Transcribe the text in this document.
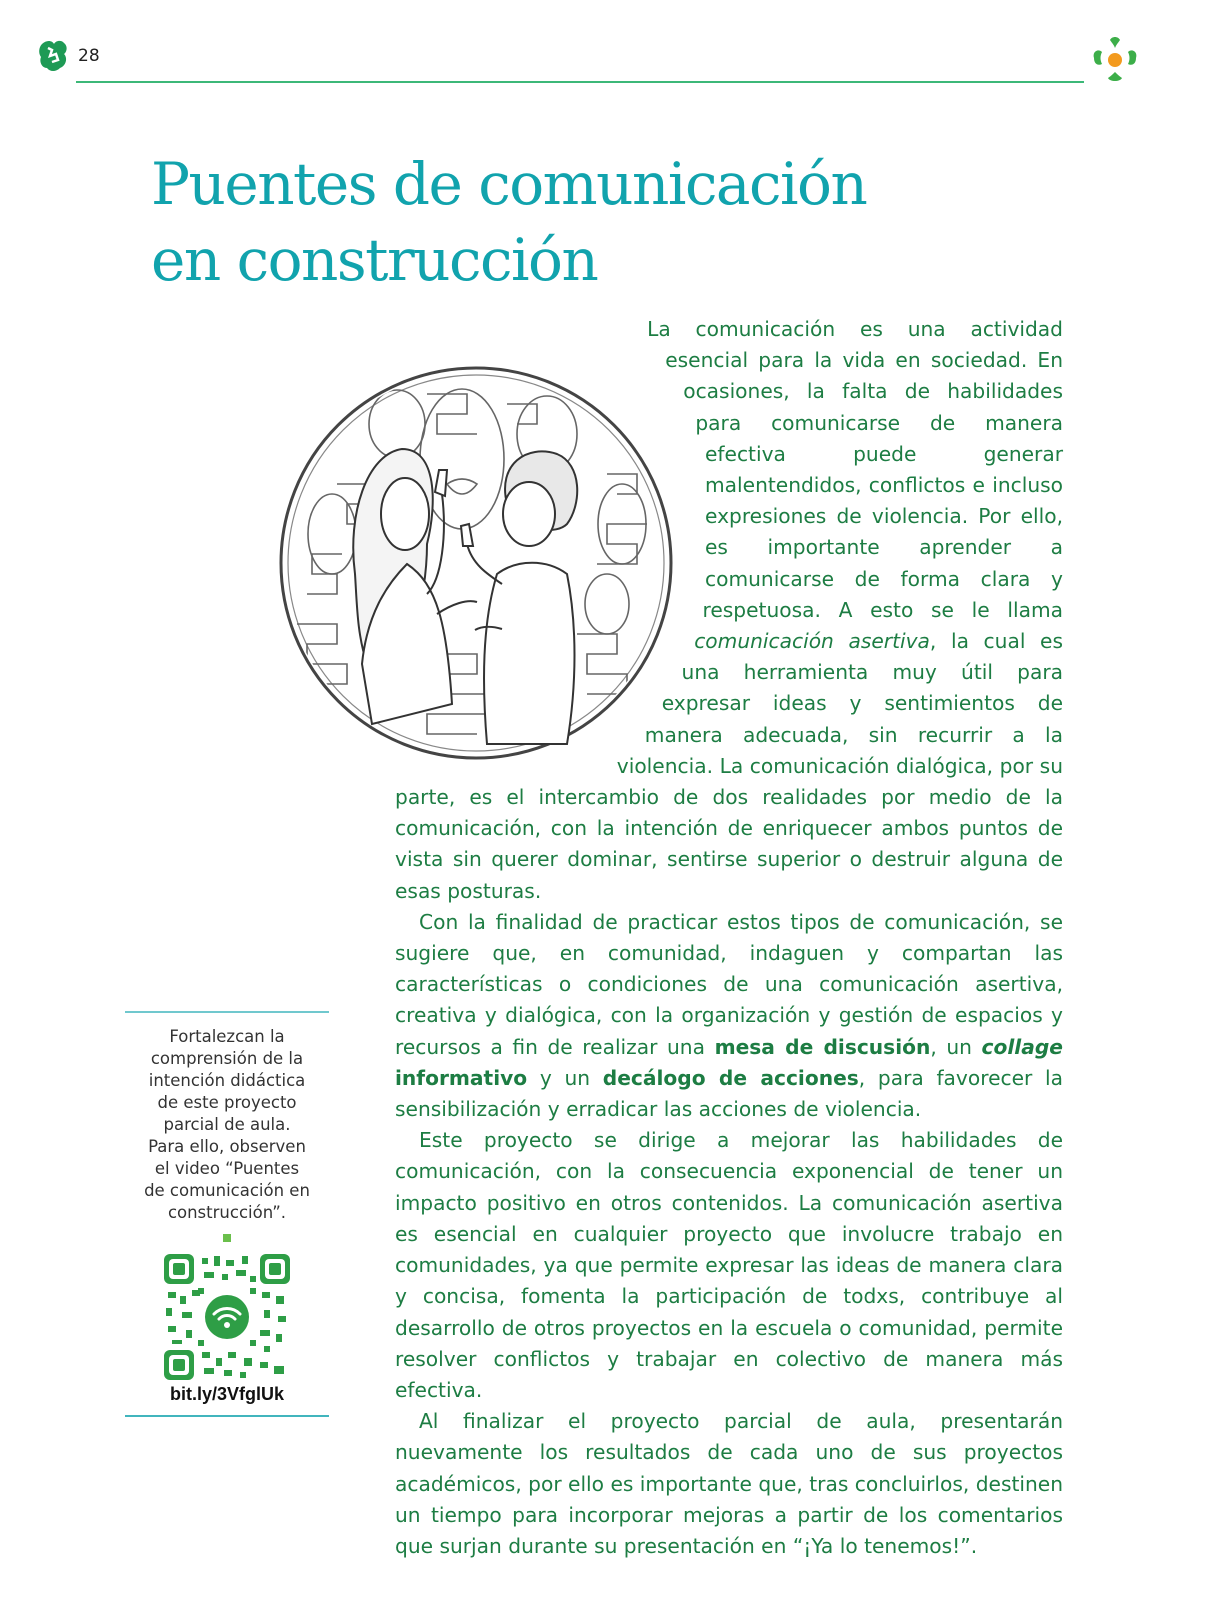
28
Puentes de comunicación
en construcción

La comunicación es una actividad esencial para la vida en sociedad. En ocasiones, la falta de habilidades para comunicarse de manera efectiva puede generar malentendidos, conflictos e incluso expresiones de violencia. Por ello, es importante aprender a comunicarse de forma clara y respetuosa. A esto se le llama comunicación asertiva, la cual es una herramienta muy útil para expresar ideas y sentimientos de manera adecuada, sin recurrir a la violencia. La comunicación dialógica, por su parte, es el intercambio de dos realidades por medio de la comunicación, con la intención de enriquecer ambos puntos de vista sin querer dominar, sentirse superior o destruir alguna de esas posturas.

Con la finalidad de practicar estos tipos de comunicación, se sugiere que, en comunidad, indaguen y compartan las características o condiciones de una comunicación asertiva, creativa y dialógica, con la organización y gestión de espacios y recursos a fin de realizar una mesa de discusión, un collage informativo y un decálogo de acciones, para favorecer la sensibilización y erradicar las acciones de violencia.

Este proyecto se dirige a mejorar las habilidades de comunicación, con la consecuencia exponencial de tener un impacto positivo en otros contenidos. La comunicación asertiva es esencial en cualquier proyecto que involucre trabajo en comunidades, ya que permite expresar las ideas de manera clara y concisa, fomenta la participación de todxs, contribuye al desarrollo de otros proyectos en la escuela o comunidad, permite resolver conflictos y trabajar en colectivo de manera más efectiva.

Al finalizar el proyecto parcial de aula, presentarán nuevamente los resultados de cada uno de sus proyectos académicos, por ello es importante que, tras concluirlos, destinen un tiempo para incorporar mejoras a partir de los comentarios que surjan durante su presentación en “¡Ya lo tenemos!”.

Fortalezcan la comprensión de la intención didáctica de este proyecto parcial de aula. Para ello, observen el video “Puentes de comunicación en construcción”.
bit.ly/3VfglUk
